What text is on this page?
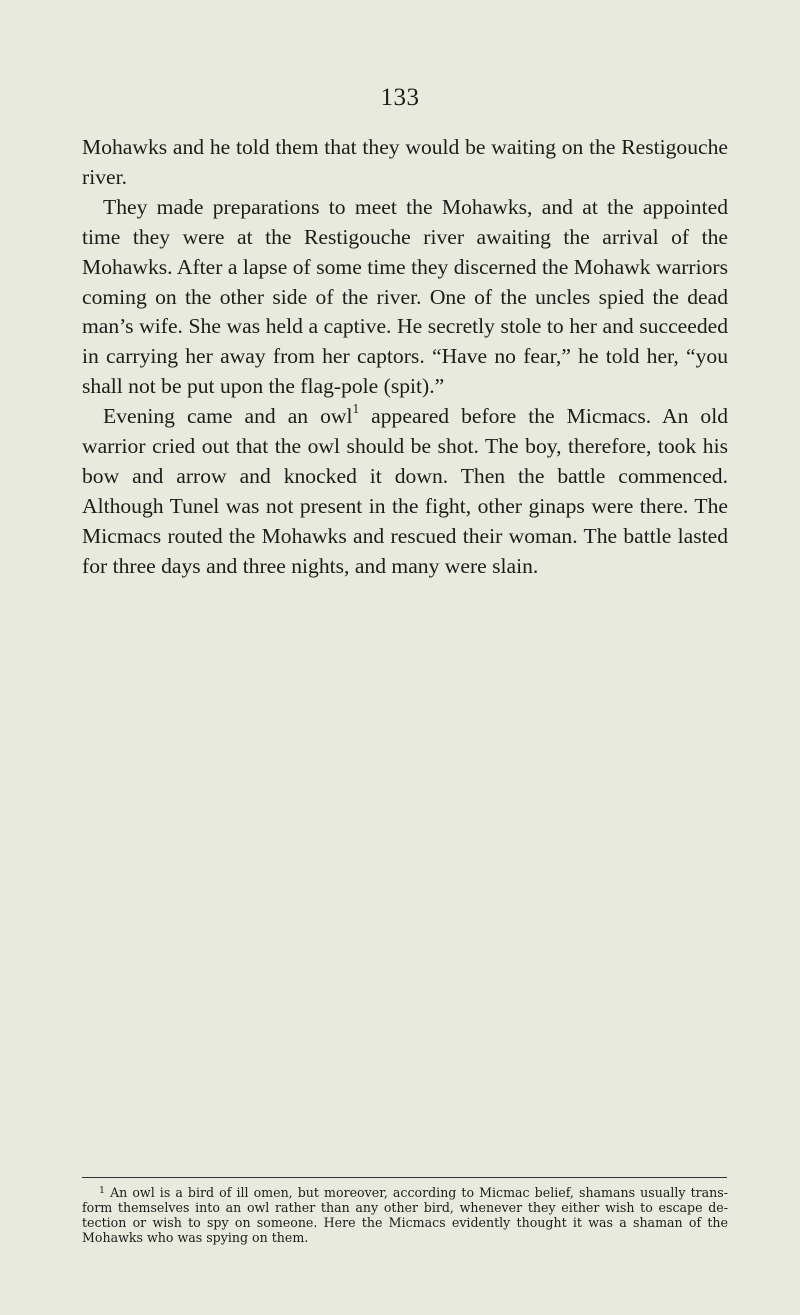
133

Mohawks and he told them that they would be waiting on the Restigouche river.

They made preparations to meet the Mohawks, and at the appointed time they were at the Restigouche river awaiting the arrival of the Mohawks. After a lapse of some time they discerned the Mohawk warriors coming on the other side of the river. One of the uncles spied the dead man’s wife. She was held a captive. He secretly stole to her and succeeded in carrying her away from her captors. “Have no fear,” he told her, “you shall not be put upon the flag-pole (spit).”

Evening came and an owl$^1$ appeared before the Micmacs. An old warrior cried out that the owl should be shot. The boy, therefore, took his bow and arrow and knocked it down. Then the battle commenced. Although Tunel was not present in the fight, other ginaps were there. The Micmacs routed the Mohawks and rescued their woman. The battle lasted for three days and three nights, and many were slain.

$^1$ An owl is a bird of ill omen, but moreover, according to Micmac belief, shamans usually trans-form themselves into an owl rather than any other bird, whenever they either wish to escape de-tection or wish to spy on someone. Here the Micmacs evidently thought it was a shaman of the Mohawks who was spying on them.
